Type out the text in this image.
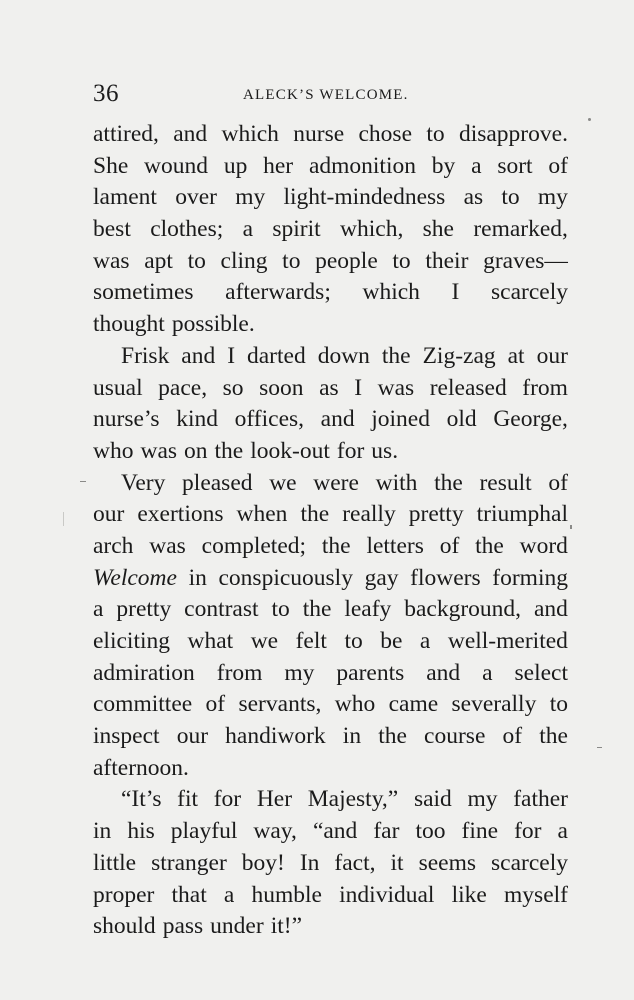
36	ALECK’S WELCOME.
attired, and which nurse chose to disapprove.
She wound up her admonition by a sort of
lament over my light-mindedness as to my
best clothes; a spirit which, she remarked,
was apt to cling to people to their graves—
sometimes afterwards; which I scarcely
thought possible.
Frisk and I darted down the Zig-zag at our
usual pace, so soon as I was released from
nurse’s kind offices, and joined old George,
who was on the look-out for us.
Very pleased we were with the result of
our exertions when the really pretty triumphal
arch was completed; the letters of the word
Welcome in conspicuously gay flowers forming
a pretty contrast to the leafy background, and
eliciting what we felt to be a well-merited
admiration from my parents and a select
committee of servants, who came severally to
inspect our handiwork in the course of the
afternoon.
“It’s fit for Her Majesty,” said my father
in his playful way, “and far too fine for a
little stranger boy! In fact, it seems scarcely
proper that a humble individual like myself
should pass under it!”
